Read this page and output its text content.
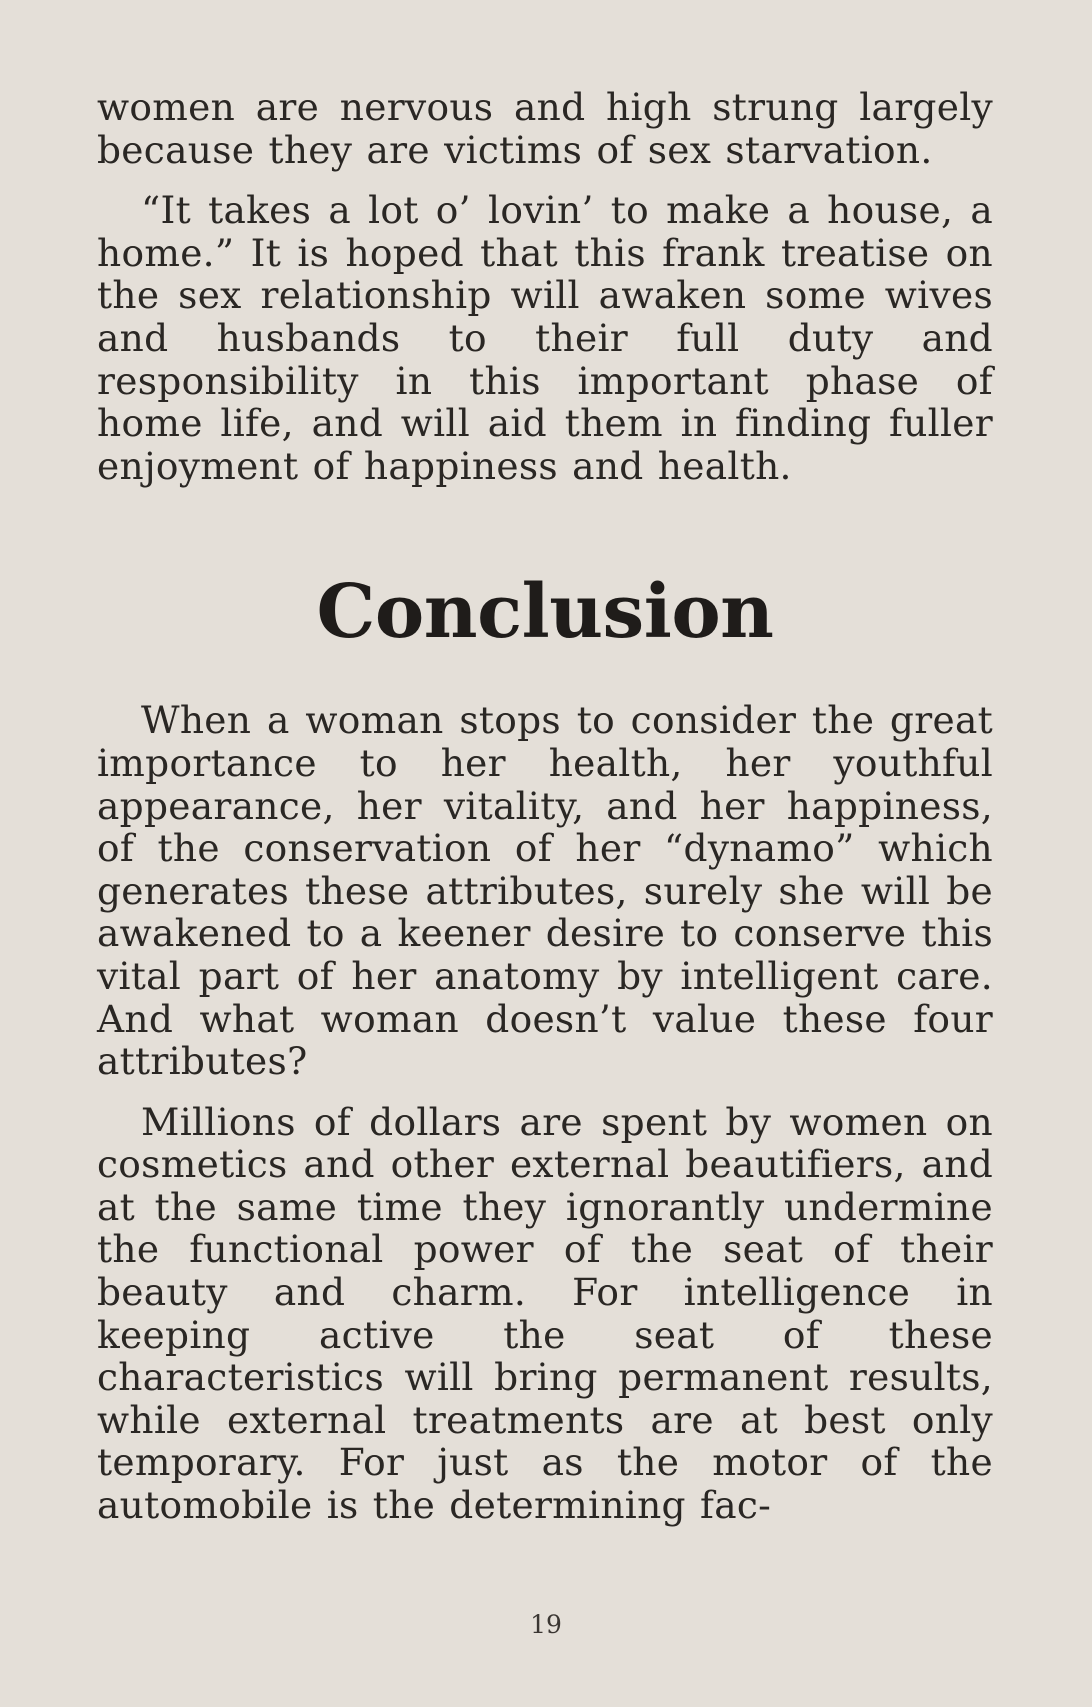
women are nervous and high strung largely because they are victims of sex starvation.

“It takes a lot o’ lovin’ to make a house, a home.” It is hoped that this frank treatise on the sex relationship will awaken some wives and husbands to their full duty and responsibility in this important phase of home life, and will aid them in finding fuller enjoyment of happiness and health.

Conclusion

When a woman stops to consider the great importance to her health, her youthful appearance, her vitality, and her happiness, of the conservation of her “dynamo” which generates these attributes, surely she will be awakened to a keener desire to conserve this vital part of her anatomy by intelligent care. And what woman doesn’t value these four attributes?

Millions of dollars are spent by women on cosmetics and other external beautifiers, and at the same time they ignorantly undermine the functional power of the seat of their beauty and charm. For intelligence in keeping active the seat of these characteristics will bring permanent results, while external treatments are at best only temporary. For just as the motor of the automobile is the determining fac-

19
